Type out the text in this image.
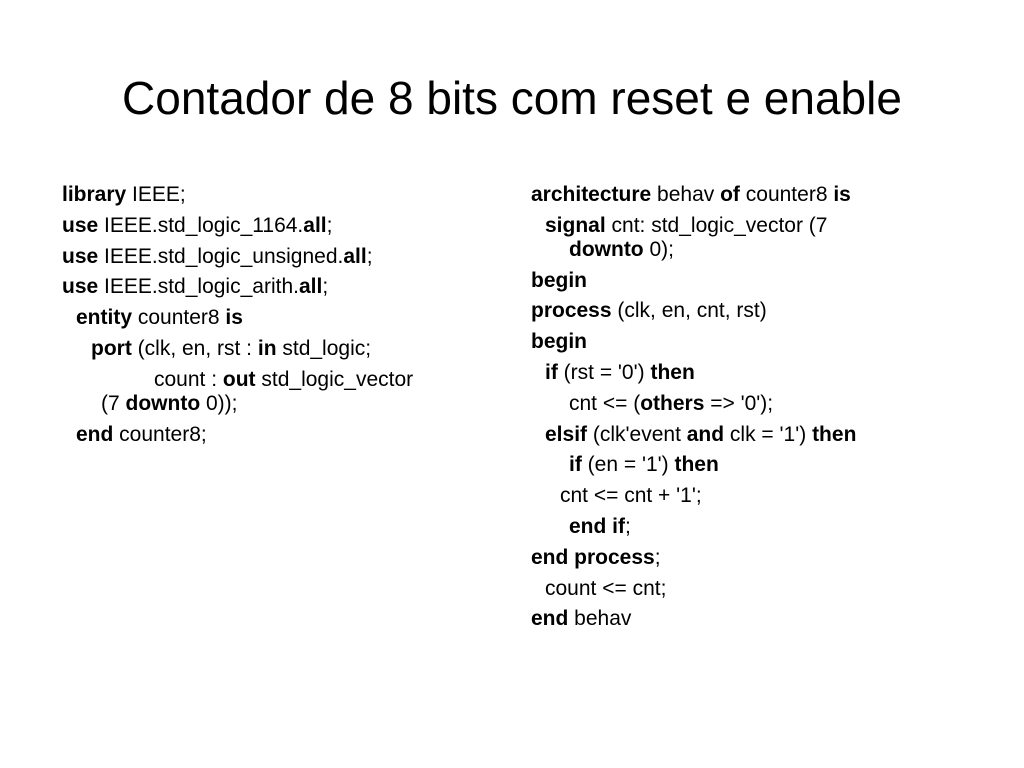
Contador de 8 bits com reset e enable
library IEEE;
use IEEE.std_logic_1164.all;
use IEEE.std_logic_unsigned.all;
use IEEE.std_logic_arith.all;
entity counter8 is
port (clk, en, rst : in std_logic;
count : out std_logic_vector
(7 downto 0));
end counter8;
architecture behav of counter8 is
signal cnt: std_logic_vector (7
downto 0);
begin
process (clk, en, cnt, rst)
begin
if (rst = '0') then
cnt <= (others => '0');
elsif (clk'event and clk = '1') then
if (en = '1') then
cnt <= cnt + '1';
end if;
end process;
count <= cnt;
end behav
